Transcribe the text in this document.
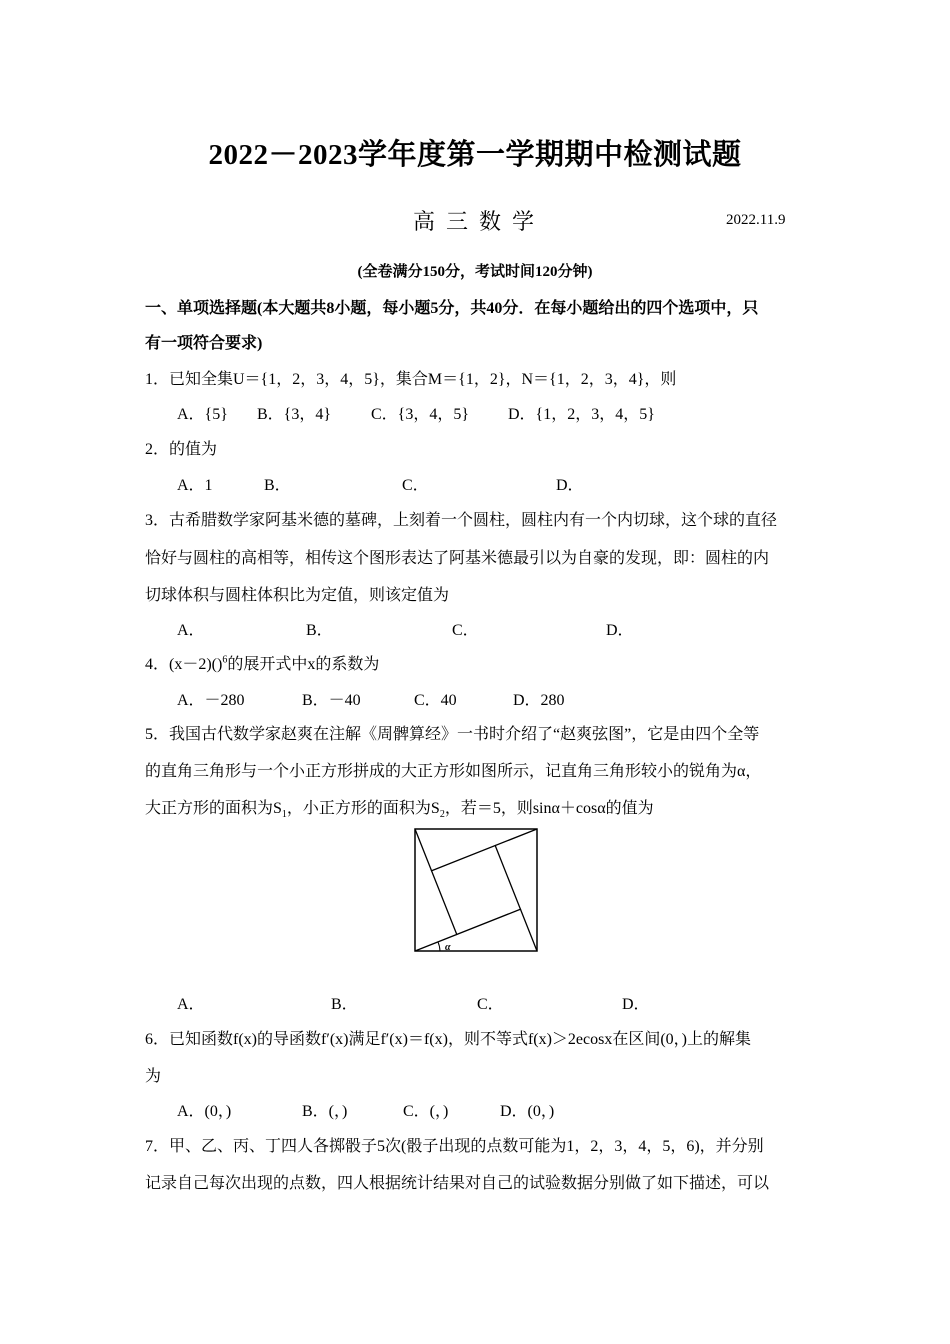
2022－2023学年度第一学期期中检测试题
高三数学	2022.11.9
(全卷满分150分，考试时间120分钟)
一、单项选择题(本大题共8小题，每小题5分，共40分．在每小题给出的四个选项中，只
有一项符合要求)
1．已知全集U＝{1，2，3，4，5}，集合M＝{1，2}，N＝{1，2，3，4}，则
A．{5} B．{3，4} C．{3，4，5} D．{1，2，3，4，5}
2．的值为
A．1	B．	C．	D．
3．古希腊数学家阿基米德的墓碑，上刻着一个圆柱，圆柱内有一个内切球，这个球的直径
恰好与圆柱的高相等，相传这个图形表达了阿基米德最引以为自豪的发现，即：圆柱的内
切球体积与圆柱体积比为定值，则该定值为
A．	B．	C．	D．
4．(x－2)()$^6$的展开式中x的系数为
A．－280	B．－40	C．40	D．280
5．我国古代数学家赵爽在注解《周髀算经》一书时介绍了“赵爽弦图”，它是由四个全等
的直角三角形与一个小正方形拼成的大正方形如图所示，记直角三角形较小的锐角为α，
大正方形的面积为$S_1$，小正方形的面积为$S_2$，若＝5，则sinα＋cosα的值为
α
A．	B．	C．	D．
6．已知函数f(x)的导函数f′(x)满足f′(x)＝f(x)，则不等式f(x)＞2ecosx在区间(0，)上的解集
为
A．(0，)	B．(，)	C．(，)	D．(0，)
7．甲、乙、丙、丁四人各掷骰子5次(骰子出现的点数可能为1，2，3，4，5，6)，并分别
记录自己每次出现的点数，四人根据统计结果对自己的试验数据分别做了如下描述，可以
